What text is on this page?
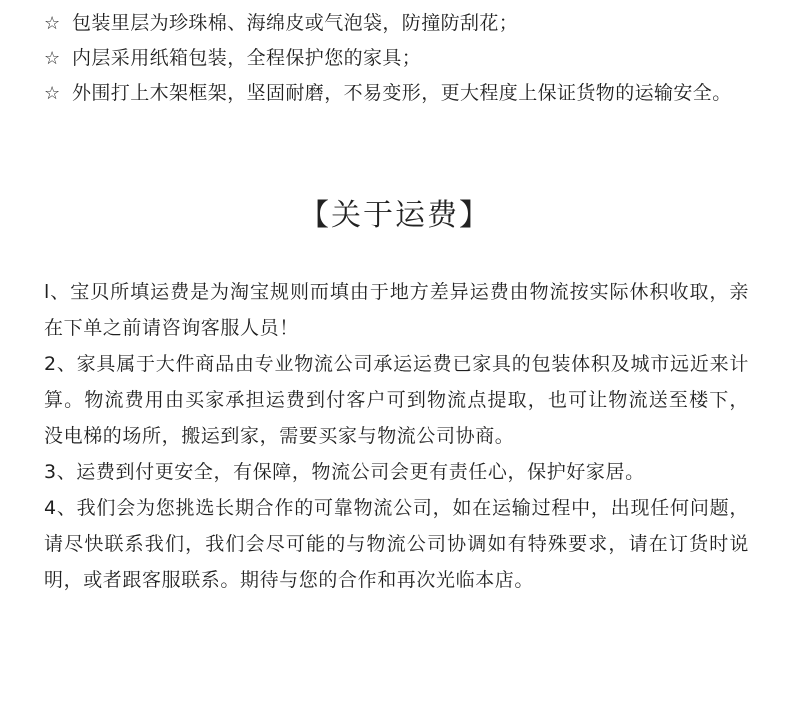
☆ 包装里层为珍珠棉、海绵皮或气泡袋，防撞防刮花；
☆ 内层采用纸箱包装，全程保护您的家具；
☆ 外围打上木架框架，坚固耐磨，不易变形，更大程度上保证货物的运输安全。
【关于运费】
l、宝贝所填运费是为淘宝规则而填由于地方差异运费由物流按实际休积收取，亲在下单之前请咨询客服人员！
2、家具属于大件商品由专业物流公司承运运费已家具的包装体积及城市远近来计算。物流费用由买家承担运费到付客户可到物流点提取，也可让物流送至楼下，没电梯的场所，搬运到家，需要买家与物流公司协商。
3、运费到付更安全，有保障，物流公司会更有责任心，保护好家居。
4、我们会为您挑选长期合作的可靠物流公司，如在运输过程中，出现任何问题，请尽快联系我们，我们会尽可能的与物流公司协调如有特殊要求，请在订货时说明，或者跟客服联系。期待与您的合作和再次光临本店。
